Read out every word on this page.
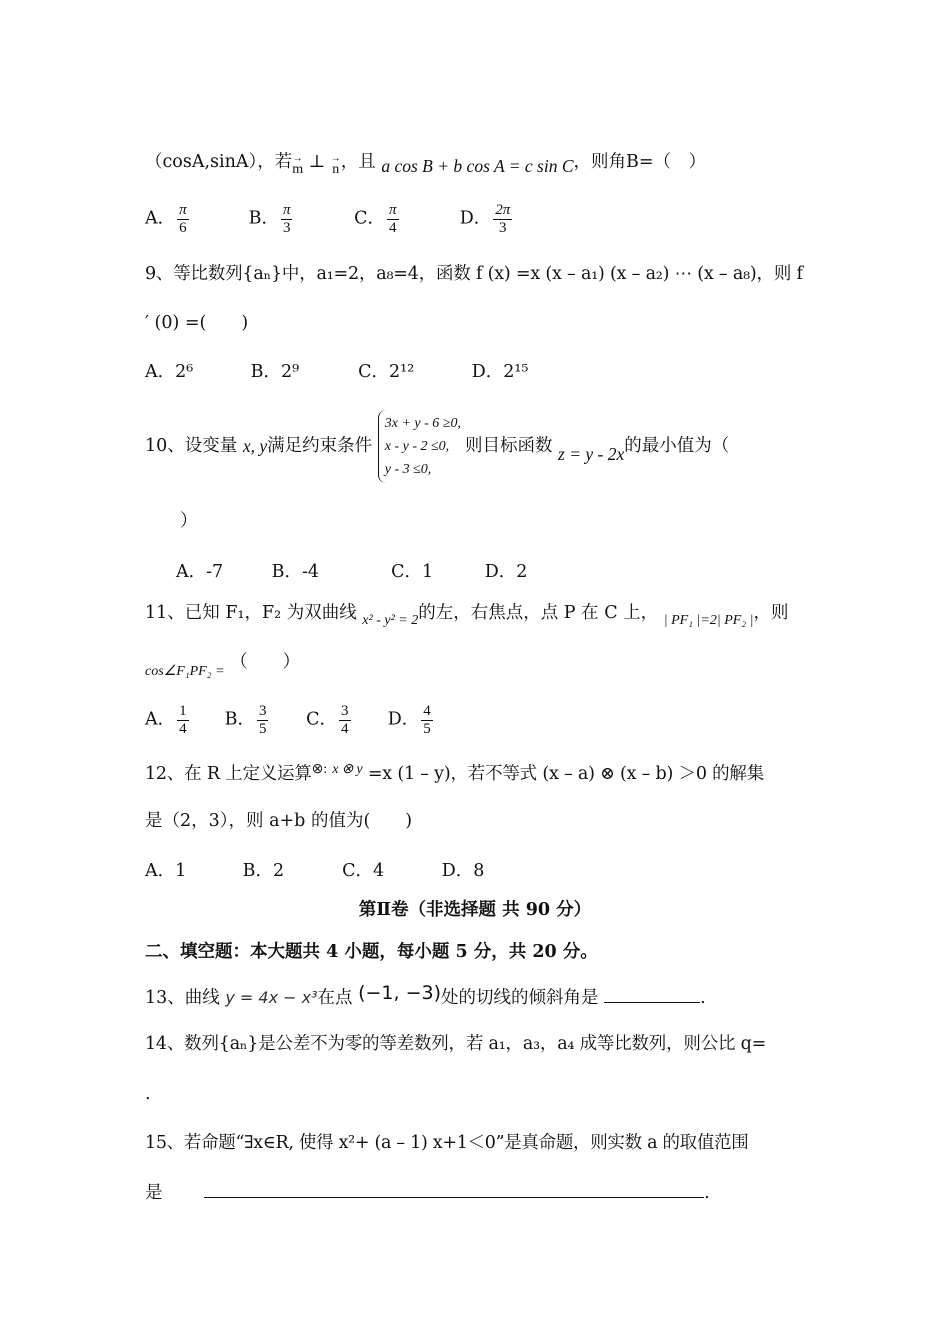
（cosA,sinA），若 →
m ⊥ →
n，且 a cos B + b cos A = c sin C，则角B=（　）
A． $\frac{\pi}{6}$	B． $\frac{\pi}{3}$	C． $\frac{\pi}{4}$	D． $\frac{2\pi}{3}$
9、等比数列{aₙ}中，a₁=2，a₈=4，函数 f (x) =x (x – a₁) (x – a₂) ⋯ (x – a₈)，则 f
′ (0) =(　　)
A．2⁶	B．2⁹	C．2¹²	D．2¹⁵
10、设变量 x, y满足约束条件
3x + y - 6 ≥0,
x - y - 2 ≤0,
y - 3 ≤0,
则目标函数 z = y - 2x的最小值为（
）
A．-7	B．-4	C．1	D．2
11、已知 F₁，F₂ 为双曲线 $_{x^2 - y^2 = 2}$的左，右焦点，点 P 在 C 上， $_{| PF_1 |=2| PF_2 |}$，则
$_{cos\angle F_1PF_2 =}$ （　　）
A． $\frac{1}{4}$ B． $\frac{3}{5}$ C． $\frac{3}{4}$ D． $\frac{4}{5}$
12、在 R 上定义运算⊗: $^{x \otimes y}$ =x (1 – y)，若不等式 (x – a) ⊗ (x – b) ＞0 的解集
是（2，3），则 a+b 的值为(　　)
A．1	B．2	C．4	D．8
第Ⅱ卷（非选择题 共 90 分）
二、填空题：本大题共 4 小题，每小题 5 分，共 20 分。
13、曲线 y = 4x − x³在点 (−1, −3)处的切线的倾斜角是	.
14、数列{aₙ}是公差不为零的等差数列，若 a₁，a₃，a₄ 成等比数列，则公比 q=
.
15、若命题“∃x∈R, 使得 x²+ (a – 1) x+1＜0”是真命题，则实数 a 的取值范围
是	.
